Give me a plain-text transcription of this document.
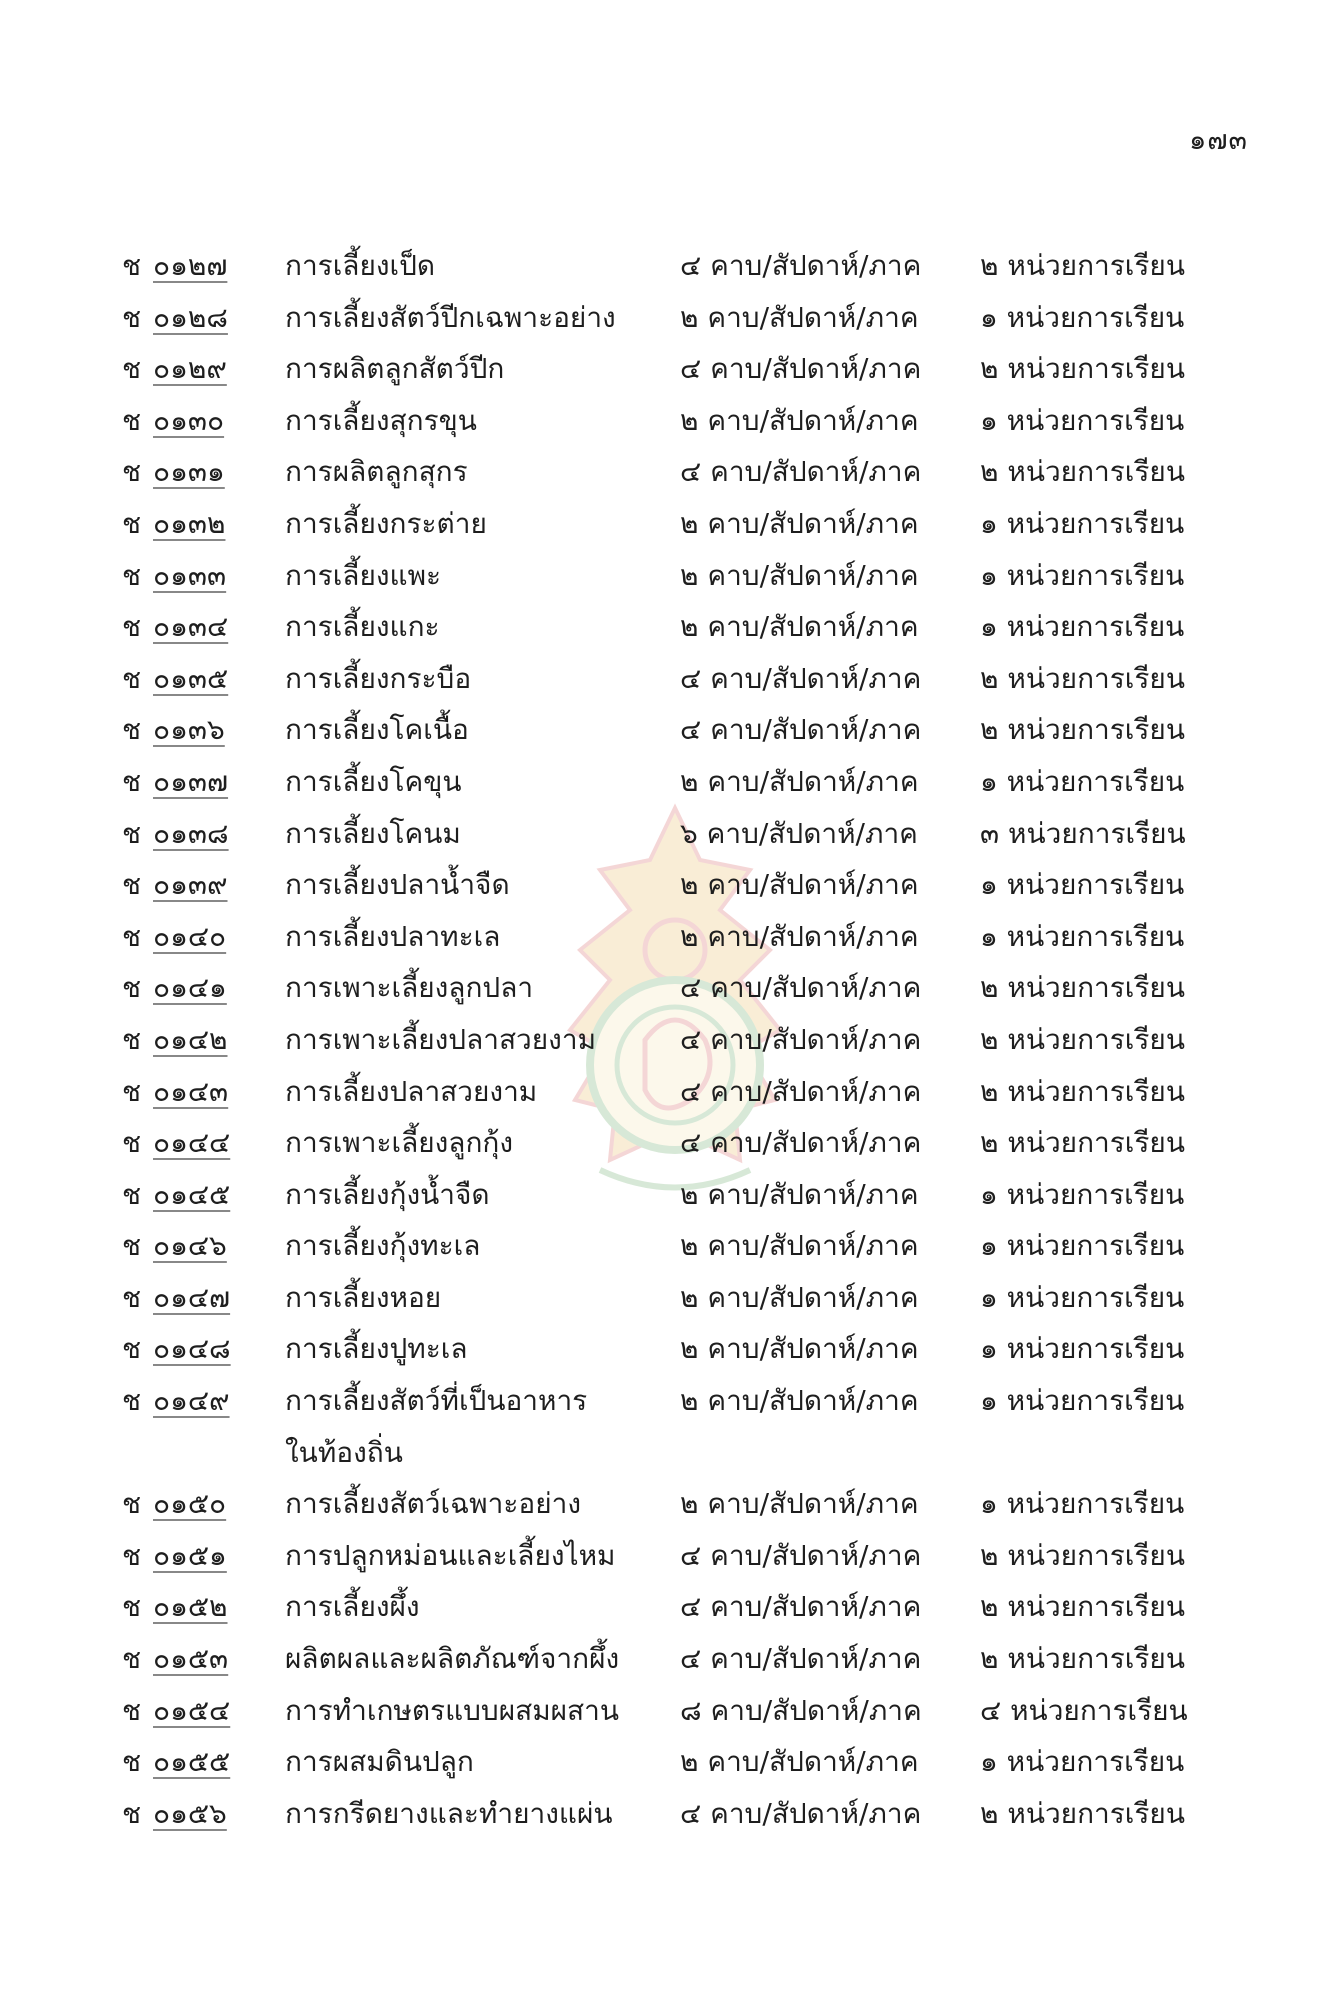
๑๗๓
ช ๐๑๒๗ การเลี้ยงเป็ด	๔ คาบ/สัปดาห์/ภาค ๒ หน่วยการเรียน
ช ๐๑๒๘ การเลี้ยงสัตว์ปีกเฉพาะอย่าง ๒ คาบ/สัปดาห์/ภาค ๑ หน่วยการเรียน
ช ๐๑๒๙ การผลิตลูกสัตว์ปีก	๔ คาบ/สัปดาห์/ภาค ๒ หน่วยการเรียน
ช ๐๑๓๐	การเลี้ยงสุกรขุน	๒ คาบ/สัปดาห์/ภาค ๑ หน่วยการเรียน
ช ๐๑๓๑ การผลิตลูกสุกร	๔ คาบ/สัปดาห์/ภาค ๒ หน่วยการเรียน
ช ๐๑๓๒ การเลี้ยงกระต่าย	๒ คาบ/สัปดาห์/ภาค ๑ หน่วยการเรียน
ช ๐๑๓๓ การเลี้ยงแพะ	๒ คาบ/สัปดาห์/ภาค ๑ หน่วยการเรียน
ช ๐๑๓๔ การเลี้ยงแกะ	๒ คาบ/สัปดาห์/ภาค ๑ หน่วยการเรียน
ช ๐๑๓๕ การเลี้ยงกระบือ	๔ คาบ/สัปดาห์/ภาค ๒ หน่วยการเรียน
ช ๐๑๓๖ การเลี้ยงโคเนื้อ	๔ คาบ/สัปดาห์/ภาค ๒ หน่วยการเรียน
ช ๐๑๓๗ การเลี้ยงโคขุน	๒ คาบ/สัปดาห์/ภาค ๑ หน่วยการเรียน
ช ๐๑๓๘ การเลี้ยงโคนม	๖ คาบ/สัปดาห์/ภาค ๓ หน่วยการเรียน
ช ๐๑๓๙ การเลี้ยงปลาน้ำจืด	๒ คาบ/สัปดาห์/ภาค ๑ หน่วยการเรียน
ช ๐๑๔๐ การเลี้ยงปลาทะเล	๒ คาบ/สัปดาห์/ภาค ๑ หน่วยการเรียน
ช ๐๑๔๑ การเพาะเลี้ยงลูกปลา	๔ คาบ/สัปดาห์/ภาค ๒ หน่วยการเรียน
ช ๐๑๔๒ การเพาะเลี้ยงปลาสวยงาม	๔ คาบ/สัปดาห์/ภาค ๒ หน่วยการเรียน
ช ๐๑๔๓ การเลี้ยงปลาสวยงาม	๔ คาบ/สัปดาห์/ภาค ๒ หน่วยการเรียน
ช ๐๑๔๔ การเพาะเลี้ยงลูกกุ้ง	๔ คาบ/สัปดาห์/ภาค ๒ หน่วยการเรียน
ช ๐๑๔๕ การเลี้ยงกุ้งน้ำจืด	๒ คาบ/สัปดาห์/ภาค ๑ หน่วยการเรียน
ช ๐๑๔๖ การเลี้ยงกุ้งทะเล	๒ คาบ/สัปดาห์/ภาค ๑ หน่วยการเรียน
ช ๐๑๔๗ การเลี้ยงหอย	๒ คาบ/สัปดาห์/ภาค ๑ หน่วยการเรียน
ช ๐๑๔๘ การเลี้ยงปูทะเล	๒ คาบ/สัปดาห์/ภาค ๑ หน่วยการเรียน
ช ๐๑๔๙ การเลี้ยงสัตว์ที่เป็นอาหาร
ในท้องถิ่น
๒ คาบ/สัปดาห์/ภาค ๑ หน่วยการเรียน
ช ๐๑๕๐ การเลี้ยงสัตว์เฉพาะอย่าง	๒ คาบ/สัปดาห์/ภาค ๑ หน่วยการเรียน
ช ๐๑๕๑ การปลูกหม่อนและเลี้ยงไหม ๔ คาบ/สัปดาห์/ภาค ๒ หน่วยการเรียน
ช ๐๑๕๒ การเลี้ยงผึ้ง	๔ คาบ/สัปดาห์/ภาค ๒ หน่วยการเรียน
ช ๐๑๕๓ ผลิตผลและผลิตภัณฑ์จากผึ้ง ๔ คาบ/สัปดาห์/ภาค ๒ หน่วยการเรียน
ช ๐๑๕๔ การทำเกษตรแบบผสมผสาน ๘ คาบ/สัปดาห์/ภาค ๔ หน่วยการเรียน
ช ๐๑๕๕ การผสมดินปลูก	๒ คาบ/สัปดาห์/ภาค ๑ หน่วยการเรียน
ช ๐๑๕๖ การกรีดยางและทำยางแผ่น ๔ คาบ/สัปดาห์/ภาค ๒ หน่วยการเรียน
